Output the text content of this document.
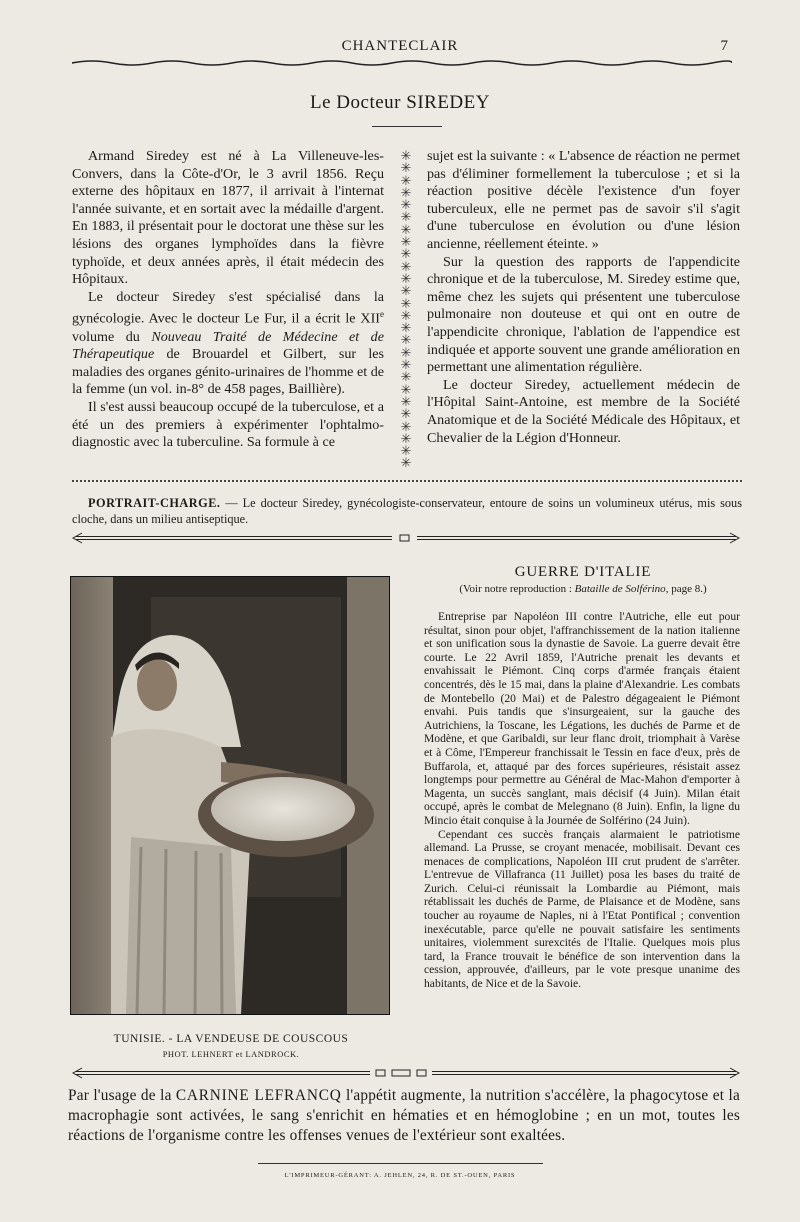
CHANTECLAIR	7
Le Docteur SIREDEY

Armand Siredey est né à La Villeneuve-les-Convers, dans la Côte-d'Or, le 3 avril 1856. Reçu externe des hôpitaux en 1877, il arrivait à l'internat l'année suivante, et en sortait avec la médaille d'argent. En 1883, il présentait pour le doctorat une thèse sur les lésions des organes lymphoïdes dans la fièvre typhoïde, et deux années après, il était médecin des Hôpitaux.

Le docteur Siredey s'est spécialisé dans la gynécologie. Avec le docteur Le Fur, il a écrit le XIIe volume du Nouveau Traité de Médecine et de Thérapeutique de Brouardel et Gilbert, sur les maladies des organes génito-urinaires de l'homme et de la femme (un vol. in-8° de 458 pages, Baillière).

Il s'est aussi beaucoup occupé de la tuberculose, et a été un des premiers à expérimenter l'ophtalmo-diagnostic avec la tuberculine. Sa formule à ce

✳
✳
✳
✳
✳
✳
✳
✳
✳
✳
✳
✳
✳
✳
✳
✳
✳
✳
✳
✳
✳
✳
✳
✳
✳
✳

sujet est la suivante : « L'absence de réaction ne permet pas d'éliminer formellement la tuberculose ; et si la réaction positive décèle l'existence d'un foyer tuberculeux, elle ne permet pas de savoir s'il s'agit d'une tuberculose en évolution ou d'une lésion ancienne, réellement éteinte. »

Sur la question des rapports de l'appendicite chronique et de la tuberculose, M. Siredey estime que, même chez les sujets qui présentent une tuberculose pulmonaire non douteuse et qui ont en outre de l'appendicite chronique, l'ablation de l'appendice est indiquée et apporte souvent une grande amélioration en permettant une alimentation régulière.

Le docteur Siredey, actuellement médecin de l'Hôpital Saint-Antoine, est membre de la Société Anatomique et de la Société Médicale des Hôpitaux, et Chevalier de la Légion d'Honneur.

PORTRAIT-CHARGE. — Le docteur Siredey, gynécologiste-conservateur, entoure de soins un volumineux utérus, mis sous cloche, dans un milieu antiseptique.
TUNISIE. - LA VENDEUSE DE COUSCOUS
PHOT. LEHNERT et LANDROCK.
GUERRE D'ITALIE
(Voir notre reproduction : Bataille de Solférino, page 8.)

Entreprise par Napoléon III contre l'Autriche, elle eut pour résultat, sinon pour objet, l'affranchissement de la nation italienne et son unification sous la dynastie de Savoie. La guerre devait être courte. Le 22 Avril 1859, l'Autriche prenait les devants et envahissait le Piémont. Cinq corps d'armée français étaient concentrés, dès le 15 mai, dans la plaine d'Alexandrie. Les combats de Montebello (20 Mai) et de Palestro dégageaient le Piémont envahi. Puis tandis que s'insurgeaient, sur la gauche des Autrichiens, la Toscane, les Légations, les duchés de Parme et de Modène, et que Garibaldi, sur leur flanc droit, triomphait à Varèse et à Côme, l'Empereur franchissait le Tessin en face d'eux, près de Buffarola, et, attaqué par des forces supérieures, résistait assez longtemps pour permettre au Général de Mac-Mahon d'emporter à Magenta, un succès sanglant, mais décisif (4 Juin). Milan était occupé, après le combat de Melegnano (8 Juin). Enfin, la ligne du Mincio était conquise à la Journée de Solférino (24 Juin).

Cependant ces succès français alarmaient le patriotisme allemand. La Prusse, se croyant menacée, mobilisait. Devant ces menaces de complications, Napoléon III crut prudent de s'arrêter. L'entrevue de Villafranca (11 Juillet) posa les bases du traité de Zurich. Celui-ci réunissait la Lombardie au Piémont, mais rétablissait les duchés de Parme, de Plaisance et de Modène, sans toucher au royaume de Naples, ni à l'Etat Pontifical ; convention inexécutable, parce qu'elle ne pouvait satisfaire les sentiments unitaires, violemment surexcités de l'Italie. Quelques mois plus tard, la France trouvait le bénéfice de son intervention dans la cession, approuvée, d'ailleurs, par le vote presque unanime des habitants, de Nice et de la Savoie.

Par l'usage de la CARNINE LEFRANCQ l'appétit augmente, la nutrition s'accélère, la phagocytose et la macrophagie sont activées, le sang s'enrichit en hématies et en hémoglobine ; en un mot, toutes les réactions de l'organisme contre les offenses venues de l'extérieur sont exaltées.
L'IMPRIMEUR-GÉRANT: A. JEHLEN, 24, R. DE ST.-OUEN, PARIS
